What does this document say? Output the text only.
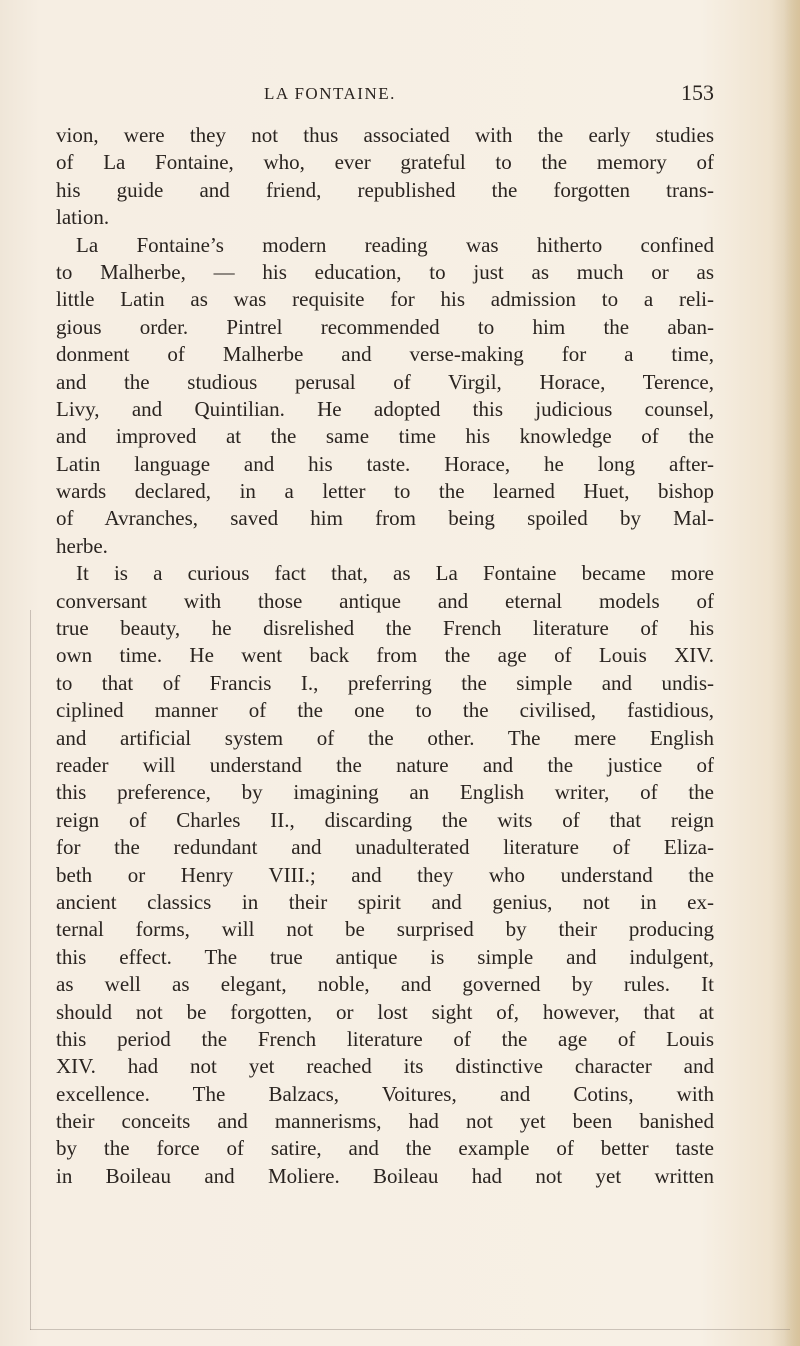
LA FONTAINE.	153
vion, were they not thus associated with the early studies
of La Fontaine, who, ever grateful to the memory of
his guide and friend, republished the forgotten trans-
lation.
La Fontaine’s modern reading was hitherto confined
to Malherbe, — his education, to just as much or as
little Latin as was requisite for his admission to a reli-
gious order. Pintrel recommended to him the aban-
donment of Malherbe and verse-making for a time,
and the studious perusal of Virgil, Horace, Terence,
Livy, and Quintilian. He adopted this judicious counsel,
and improved at the same time his knowledge of the
Latin language and his taste. Horace, he long after-
wards declared, in a letter to the learned Huet, bishop
of Avranches, saved him from being spoiled by Mal-
herbe.
It is a curious fact that, as La Fontaine became more
conversant with those antique and eternal models of
true beauty, he disrelished the French literature of his
own time. He went back from the age of Louis XIV.
to that of Francis I., preferring the simple and undis-
ciplined manner of the one to the civilised, fastidious,
and artificial system of the other. The mere English
reader will understand the nature and the justice of
this preference, by imagining an English writer, of the
reign of Charles II., discarding the wits of that reign
for the redundant and unadulterated literature of Eliza-
beth or Henry VIII.; and they who understand the
ancient classics in their spirit and genius, not in ex-
ternal forms, will not be surprised by their producing
this effect. The true antique is simple and indulgent,
as well as elegant, noble, and governed by rules. It
should not be forgotten, or lost sight of, however, that at
this period the French literature of the age of Louis
XIV. had not yet reached its distinctive character and
excellence. The Balzacs, Voitures, and Cotins, with
their conceits and mannerisms, had not yet been banished
by the force of satire, and the example of better taste
in Boileau and Moliere. Boileau had not yet written
